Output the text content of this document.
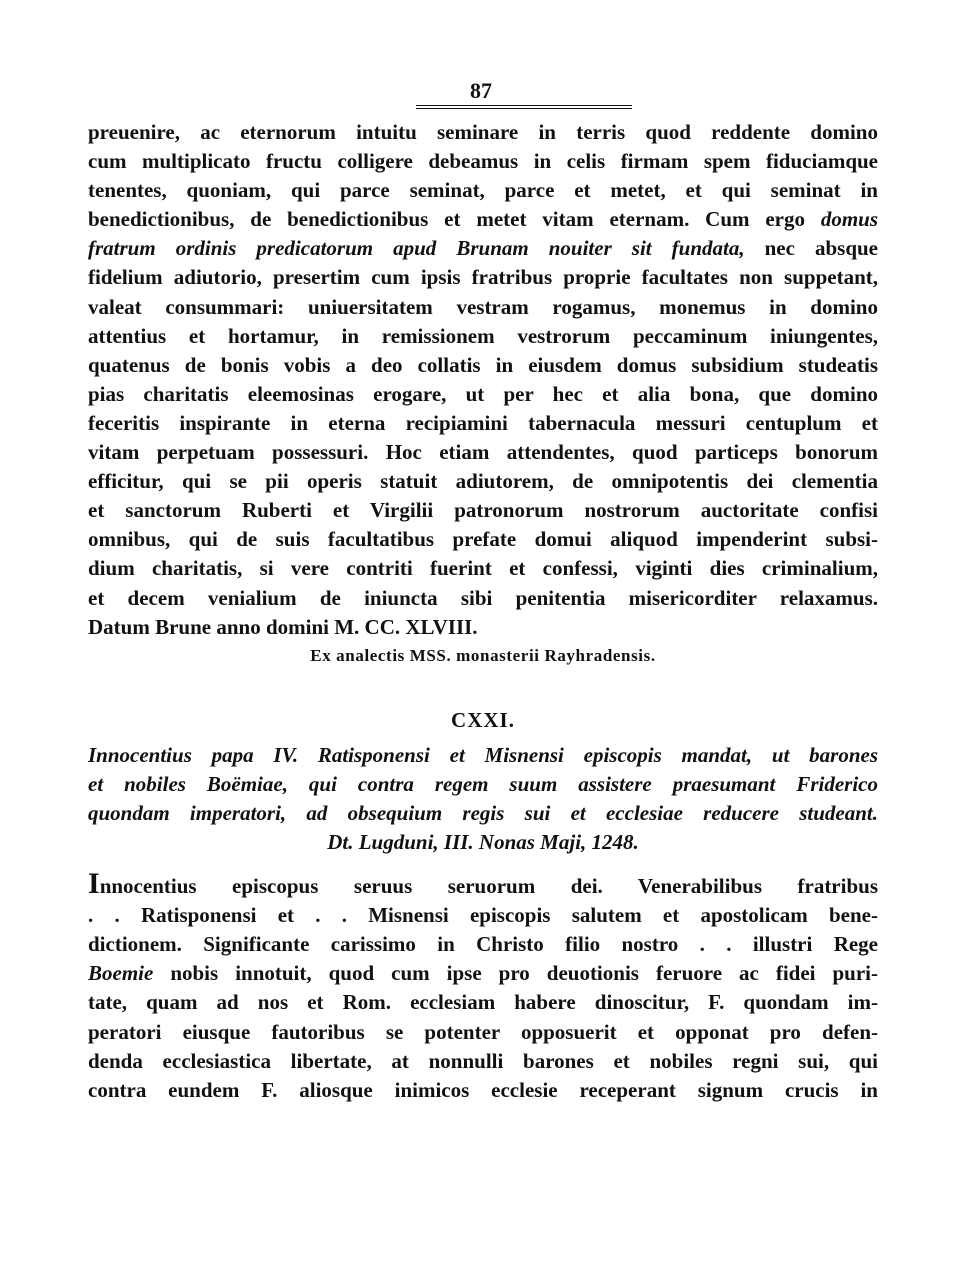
87
preuenire, ac eternorum intuitu seminare in terris quod reddente domino
cum multiplicato fructu colligere debeamus in celis firmam spem fiduciamque
tenentes, quoniam, qui parce seminat, parce et metet, et qui seminat in
benedictionibus, de benedictionibus et metet vitam eternam. Cum ergo domus
fratrum ordinis predicatorum apud Brunam nouiter sit fundata, nec absque
fidelium adiutorio, presertim cum ipsis fratribus proprie facultates non suppetant,
valeat consummari: uniuersitatem vestram rogamus, monemus in domino
attentius et hortamur, in remissionem vestrorum peccaminum iniungentes,
quatenus de bonis vobis a deo collatis in eiusdem domus subsidium studeatis
pias charitatis eleemosinas erogare, ut per hec et alia bona, que domino
feceritis inspirante in eterna recipiamini tabernacula messuri centuplum et
vitam perpetuam possessuri. Hoc etiam attendentes, quod particeps bonorum
efficitur, qui se pii operis statuit adiutorem, de omnipotentis dei clementia
et sanctorum Ruberti et Virgilii patronorum nostrorum auctoritate confisi
omnibus, qui de suis facultatibus prefate domui aliquod impenderint subsi-
dium charitatis, si vere contriti fuerint et confessi, viginti dies criminalium,
et decem venialium de iniuncta sibi penitentia misericorditer relaxamus.
Datum Brune anno domini M. CC. XLVIII.
Ex analectis MSS. monasterii Rayhradensis.
CXXI.
Innocentius papa IV. Ratisponensi et Misnensi episcopis mandat, ut barones
et nobiles Boëmiae, qui contra regem suum assistere praesumant Friderico
quondam imperatori, ad obsequium regis sui et ecclesiae reducere studeant.
Dt. Lugduni, III. Nonas Maji, 1248.
Innocentius episcopus seruus seruorum dei. Venerabilibus fratribus
. . Ratisponensi et . . Misnensi episcopis salutem et apostolicam bene-
dictionem. Significante carissimo in Christo filio nostro . . illustri Rege
Boemie nobis innotuit, quod cum ipse pro deuotionis feruore ac fidei puri-
tate, quam ad nos et Rom. ecclesiam habere dinoscitur, F. quondam im-
peratori eiusque fautoribus se potenter opposuerit et opponat pro defen-
denda ecclesiastica libertate, at nonnulli barones et nobiles regni sui, qui
contra eundem F. aliosque inimicos ecclesie receperant signum crucis in
